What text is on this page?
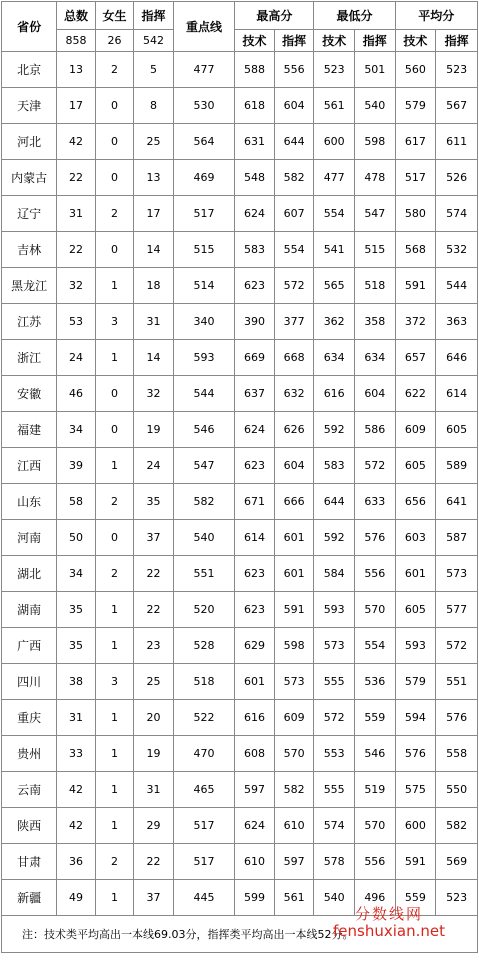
省份	总数	女生	指挥	重点线	最高分		最低分		平均分	
	858	26	542		技术	指挥	技术	指挥	技术	指挥
北京	13	2	5	477	588	556	523	501	560	523
天津	17	0	8	530	618	604	561	540	579	567
河北	42	0	25	564	631	644	600	598	617	611
内蒙古	22	0	13	469	548	582	477	478	517	526
辽宁	31	2	17	517	624	607	554	547	580	574
吉林	22	0	14	515	583	554	541	515	568	532
黑龙江	32	1	18	514	623	572	565	518	591	544
江苏	53	3	31	340	390	377	362	358	372	363
浙江	24	1	14	593	669	668	634	634	657	646
安徽	46	0	32	544	637	632	616	604	622	614
福建	34	0	19	546	624	626	592	586	609	605
江西	39	1	24	547	623	604	583	572	605	589
山东	58	2	35	582	671	666	644	633	656	641
河南	50	0	37	540	614	601	592	576	603	587
湖北	34	2	22	551	623	601	584	556	601	573
湖南	35	1	22	520	623	591	593	570	605	577
广西	35	1	23	528	629	598	573	554	593	572
四川	38	3	25	518	601	573	555	536	579	551
重庆	31	1	20	522	616	609	572	559	594	576
贵州	33	1	19	470	608	570	553	546	576	558
云南	42	1	31	465	597	582	555	519	575	550
陕西	42	1	29	517	624	610	574	570	600	582
甘肃	36	2	22	517	610	597	578	556	591	569
新疆	49	1	37	445	599	561	540	496	559	523
注：技术类平均高出一本线69.03分，指挥类平均高出一本线52分。										
分数线网
fenshuxian.net
